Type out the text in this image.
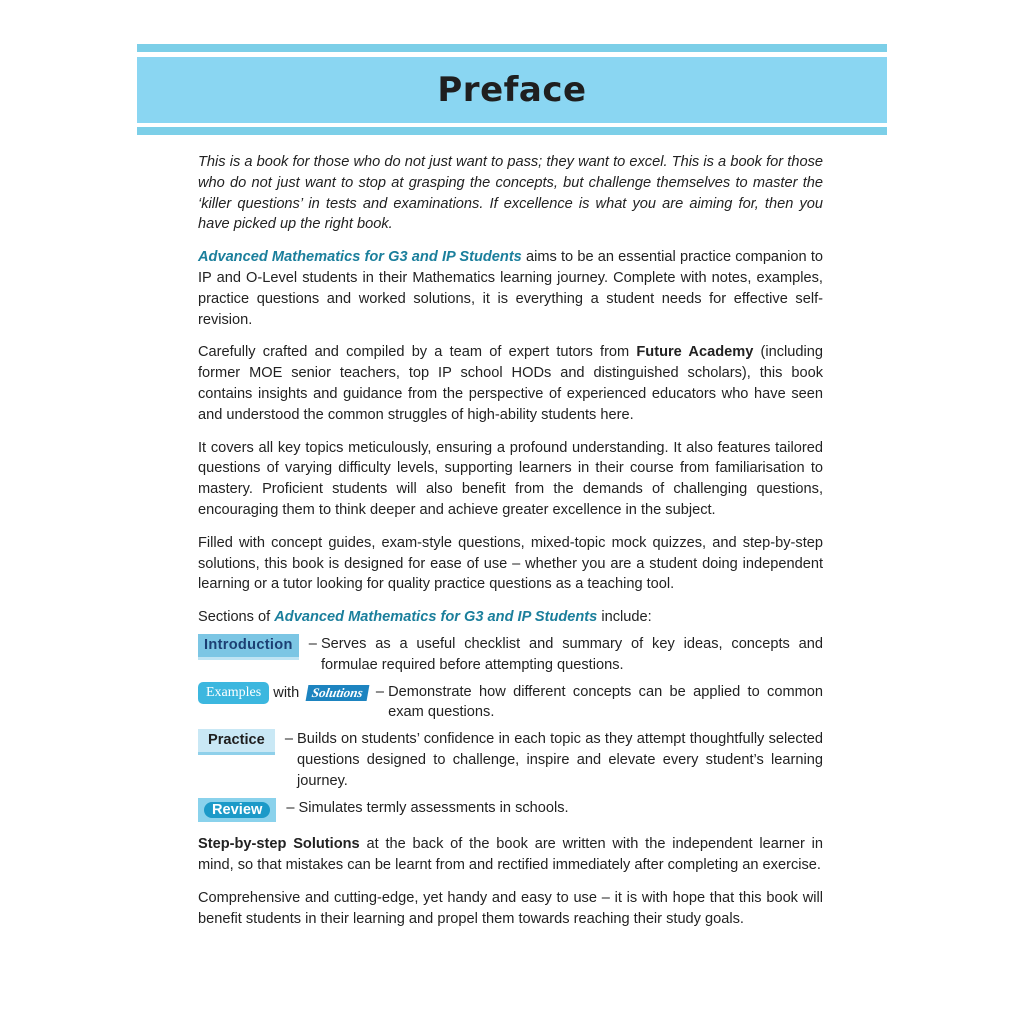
Preface

This is a book for those who do not just want to pass; they want to excel. This is a book for those who do not just want to stop at grasping the concepts, but challenge themselves to master the ‘killer questions’ in tests and examinations. If excellence is what you are aiming for, then you have picked up the right book.

Advanced Mathematics for G3 and IP Students aims to be an essential practice companion to IP and O-Level students in their Mathematics learning journey. Complete with notes, examples, practice questions and worked solutions, it is everything a student needs for effective self-revision.

Carefully crafted and compiled by a team of expert tutors from Future Academy (including former MOE senior teachers, top IP school HODs and distinguished scholars), this book contains insights and guidance from the perspective of experienced educators who have seen and understood the common struggles of high-ability students here.

It covers all key topics meticulously, ensuring a profound understanding. It also features tailored questions of varying difficulty levels, supporting learners in their course from familiarisation to mastery. Proficient students will also benefit from the demands of challenging questions, encouraging them to think deeper and achieve greater excellence in the subject.

Filled with concept guides, exam-style questions, mixed-topic mock quizzes, and step-by-step solutions, this book is designed for ease of use – whether you are a student doing independent learning or a tutor looking for quality practice questions as a teaching tool.

Sections of Advanced Mathematics for G3 and IP Students include:

Introduction – Serves as a useful checklist and summary of key ideas, concepts and formulae required before attempting questions.
Examples with Solutions – Demonstrate how different concepts can be applied to common exam questions.
Practice	– Builds on students’ confidence in each topic as they attempt thoughtfully selected questions designed to challenge, inspire and elevate every student’s learning journey.
Review	– Simulates termly assessments in schools.

Step-by-step Solutions at the back of the book are written with the independent learner in mind, so that mistakes can be learnt from and rectified immediately after completing an exercise.

Comprehensive and cutting-edge, yet handy and easy to use – it is with hope that this book will benefit students in their learning and propel them towards reaching their study goals.
